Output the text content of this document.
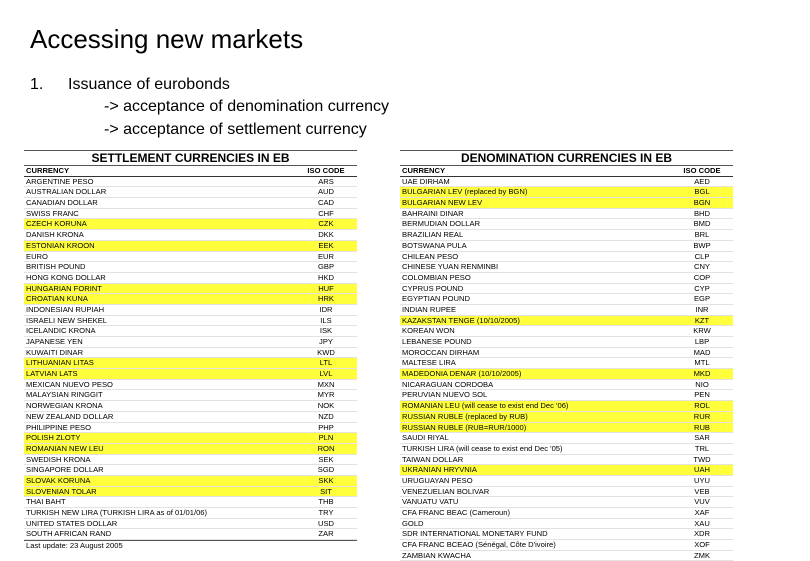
Accessing new markets
1. Issuance of eurobonds
-> acceptance of denomination currency
-> acceptance of settlement currency
SETTLEMENT CURRENCIES IN EB
CURRENCY	ISO CODE
ARGENTINE PESO	ARS
AUSTRALIAN DOLLAR	AUD
CANADIAN DOLLAR	CAD
SWISS FRANC	CHF
CZECH KORUNA	CZK
DANISH KRONA	DKK
ESTONIAN KROON	EEK
EURO	EUR
BRITISH POUND	GBP
HONG KONG DOLLAR	HKD
HUNGARIAN FORINT	HUF
CROATIAN KUNA	HRK
INDONESIAN RUPIAH	IDR
ISRAELI NEW SHEKEL	ILS
ICELANDIC KRONA	ISK
JAPANESE YEN	JPY
KUWAITI DINAR	KWD
LITHUANIAN LITAS	LTL
LATVIAN LATS	LVL
MEXICAN NUEVO PESO	MXN
MALAYSIAN RINGGIT	MYR
NORWEGIAN KRONA	NOK
NEW ZEALAND DOLLAR	NZD
PHILIPPINE PESO	PHP
POLISH ZLOTY	PLN
ROMANIAN NEW LEU	RON
SWEDISH KRONA	SEK
SINGAPORE DOLLAR	SGD
SLOVAK KORUNA	SKK
SLOVENIAN TOLAR	SIT
THAI BAHT	THB
TURKISH NEW LIRA (TURKISH LIRA as of 01/01/06)	TRY
UNITED STATES DOLLAR	USD
SOUTH AFRICAN RAND	ZAR
Last update: 23 August 2005
DENOMINATION CURRENCIES IN EB
CURRENCY	ISO CODE
UAE DIRHAM	AED
BULGARIAN LEV (replaced by BGN)	BGL
BULGARIAN NEW LEV	BGN
BAHRAINI DINAR	BHD
BERMUDIAN DOLLAR	BMD
BRAZILIAN REAL	BRL
BOTSWANA PULA	BWP
CHILEAN PESO	CLP
CHINESE YUAN RENMINBI	CNY
COLOMBIAN PESO	COP
CYPRUS POUND	CYP
EGYPTIAN POUND	EGP
INDIAN RUPEE	INR
KAZAKSTAN TENGE (10/10/2005)	KZT
KOREAN WON	KRW
LEBANESE POUND	LBP
MOROCCAN DIRHAM	MAD
MALTESE LIRA	MTL
MADEDONIA DENAR (10/10/2005)	MKD
NICARAGUAN CORDOBA	NIO
PERUVIAN NUEVO SOL	PEN
ROMANIAN LEU (will cease to exist end Dec '06)	ROL
RUSSIAN RUBLE (replaced by RUB)	RUR
RUSSIAN RUBLE (RUB=RUR/1000)	RUB
SAUDI RIYAL	SAR
TURKISH LIRA (will cease to exist end Dec '05)	TRL
TAIWAN DOLLAR	TWD
UKRANIAN HRYVNIA	UAH
URUGUAYAN PESO	UYU
VENEZUELIAN BOLIVAR	VEB
VANUATU VATU	VUV
CFA FRANC BEAC (Cameroun)	XAF
GOLD	XAU
SDR INTERNATIONAL MONETARY FUND	XDR
CFA FRANC BCEAO (Sénégal, Côte D'ivoire)	XOF
ZAMBIAN KWACHA	ZMK
